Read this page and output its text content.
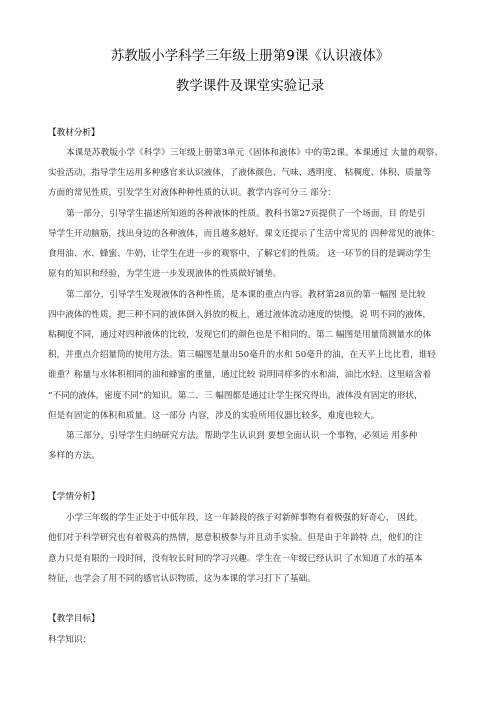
苏教版小学科学三年级上册第9课《认识液体》
教学课件及课堂实验记录
【教材分析】
本课是苏教版小学《科学》三年级上册第3单元《固体和液体》中的第2课。本课通过 大量的观察、
实验活动，指导学生运用多种感官来认识液体，了液体颜色、气味、透明度、 粘稠度、体积、质量等
方面的常见性质，引发学生对液体种种性质的认识。教学内容可分三 部分：
第一部分，引导学生描述所知道的各种液体的性质。教科书第27页提供了一个场面，目 的是引
导学生开动脑筋，找出身边的各种液体，而且越多越好。课文还提示了生活中常见的 四种常见的液体：
食用油、水、蜂蜜、牛奶，让学生在进一步的观察中，了解它们的性质。 这一环节的目的是调动学生
原有的知识和经验，为学生进一步发现液体的性质做好铺垫。
第二部分，引导学生发现液体的各种性质，是本课的重点内容。教材第28页的第一幅图 是比较
四中液体的性质，把三种不同的液体倒入斜放的板上，通过液体流动速度的快慢，说 明不同的液体，
粘稠度不同，通过对四种液体的比较，发现它们的颜色也是不相同的。第二 幅图是用量筒测量水的体
积，并重点介绍量筒的使用方法。第三幅图是量出50毫升的水和 50毫升的油，在天平上比比看，谁轻
谁重？称量与水体积相同的油和蜂蜜的重量，通过比较 说明同样多的水和油，油比水轻。这里暗含着
“不同的液体，密度不同”的知识。第二、三 幅图都是通过让学生探究得出，液体没有固定的形状，
但是有固定的体积和质量。这一部分 内容，涉及的实验所用仪器比较多，难度也较大。
第三部分，引导学生归纳研究方法。帮助学生认识到 要想全面认识一个事物，必须运 用多种
多样的方法。
【学情分析】
小学三年级的学生正处于中低年段，这一年龄段的孩子对新鲜事物有着极强的好奇心， 因此，
他们对于科学研究也有着极高的热情，愿意积极参与并且动手实验。但是由于年龄特 点，他们的注
意力只是有限的一段时间，没有较长时间的学习兴趣。学生在一年级已经认识 了水知道了水的基本
特征，也学会了用不同的感官认识物质，这为本课的学习打下了基础。
【教学目标】
科学知识：
